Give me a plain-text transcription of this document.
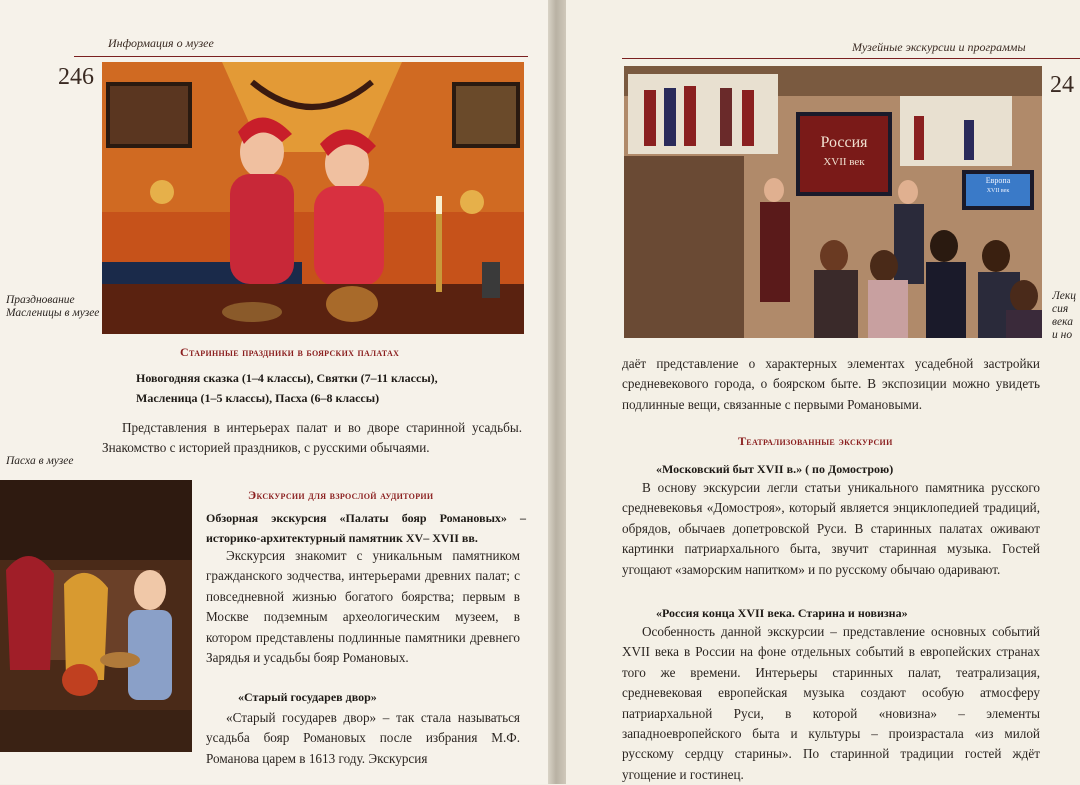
Информация о музее
246
Празднование Масленицы в музее
Старинные праздники в боярских палатах
Новогодняя сказка (1–4 классы), Святки (7–11 классы),
Масленица (1–5 классы), Пасха (6–8 классы)
Представления в интерьерах палат и во дворе старинной усадьбы. Знакомство с историей праздников, с русскими обычаями.
Пасха в музее
Экскурсии для взрослой аудитории
Обзорная экскурсия «Палаты бояр Романовых» – историко-архитектурный памятник XV– XVII вв.
Экскурсия знакомит с уникальным памятником гражданского зодчества, интерьерами древних палат; с повседневной жизнью богатого боярства; первым в Москве подземным археологическим музеем, в котором представлены подлинные памятники древнего Зарядья и усадьбы бояр Романовых.
«Старый государев двор»
«Старый государев двор» – так стала называться усадьба бояр Романовых после избрания М.Ф. Романова царем в 1613 году. Экскурсия
Музейные экскурсии и программы
24
Россия
XVII век
Европа
XVII век
Лекц
сия
века
и но
даёт представление о характерных элементах усадебной застройки средневекового города, о боярском быте. В экспозиции можно увидеть подлинные вещи, связанные с первыми Романовыми.
Театрализованные экскурсии
«Московский быт XVII в.» ( по Домострою)
В основу экскурсии легли статьи уникального памятника русского средневековья «Домостроя», который является энциклопедией традиций, обрядов, обычаев допетровской Руси. В старинных палатах оживают картинки патриархального быта, звучит старинная музыка. Гостей угощают «заморским напитком» и по русскому обычаю одаривают.
«Россия конца XVII века. Старина и новизна»
Особенность данной экскурсии – представление основных событий XVII века в России на фоне отдельных событий в европейских странах того же времени. Интерьеры старинных палат, театрализация, средневековая европейская музыка создают особую атмосферу патриархальной Руси, в которой «новизна» – элементы западноевропейского быта и культуры – произрастала «из милой русскому сердцу старины». По старинной традиции гостей ждёт угощение и гостинец.
